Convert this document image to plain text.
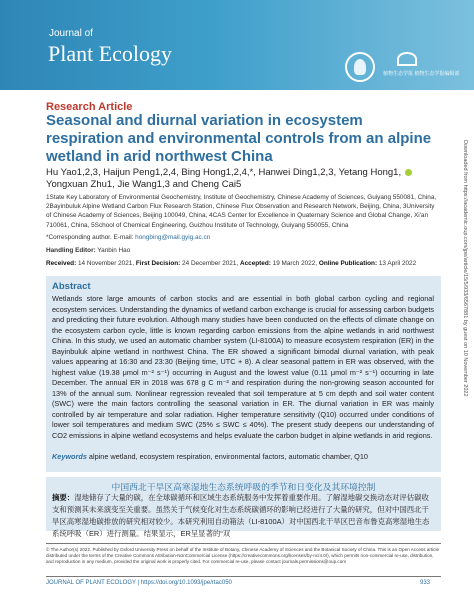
Journal of
Plant Ecology
植物生态学报 植物生态学报编辑部
Downloaded from https://academic.oup.com/jpe/article/15/5/933/6567881 by guest on 10 November 2022
Research Article
Seasonal and diurnal variation in ecosystem respiration and environmental controls from an alpine wetland in arid northwest China
Hu Yao1,2,3, Haijun Peng1,2,4, Bing Hong1,2,4,*, Hanwei Ding1,2,3, Yetang Hong1,
Yongxuan Zhu1, Jie Wang1,3 and Cheng Cai5
1State Key Laboratory of Environmental Geochemistry, Institute of Geochemistry, Chinese Academy of Sciences, Guiyang 550081, China, 2Bayinbuluk Alpine Wetland Carbon Flux Research Station, Chinese Flux Observation and Research Network, Beijing, China, 3University of Chinese Academy of Sciences, Beijing 100049, China, 4CAS Center for Excellence in Quaternary Science and Global Change, Xi'an 710061, China, 5School of Chemical Engineering, Guizhou Institute of Technology, Guiyang 550055, China
*Corresponding author. E-mail: hongbing@mail.gyig.ac.cn
Handling Editor: Yanbin Hao
Received: 14 November 2021, First Decision: 24 December 2021, Accepted: 19 March 2022, Online Publication: 13 April 2022
Abstract
Wetlands store large amounts of carbon stocks and are essential in both global carbon cycling and regional ecosystem services. Understanding the dynamics of wetland carbon exchange is crucial for assessing carbon budgets and predicting their future evolution. Although many studies have been conducted on the effects of climate change on the ecosystem carbon cycle, little is known regarding carbon emissions from the alpine wetlands in arid northwest China. In this study, we used an automatic chamber system (LI-8100A) to measure ecosystem respiration (ER) in the Bayinbuluk alpine wetland in northwest China. The ER showed a significant bimodal diurnal variation, with peak values appearing at 16:30 and 23:30 (Beijing time, UTC + 8). A clear seasonal pattern in ER was observed, with the highest value (19.38 μmol m⁻² s⁻¹) occurring in August and the lowest value (0.11 μmol m⁻² s⁻¹) occurring in late December. The annual ER in 2018 was 678 g C m⁻² and respiration during the non-growing season accounted for 13% of the annual sum. Nonlinear regression revealed that soil temperature at 5 cm depth and soil water content (SWC) were the main factors controlling the seasonal variation in ER. The diurnal variation in ER was mainly controlled by air temperature and solar radiation. Higher temperature sensitivity (Q10) occurred under conditions of lower soil temperatures and medium SWC (25% ≤ SWC ≤ 40%). The present study deepens our understanding of CO2 emissions in alpine wetland ecosystems and helps evaluate the carbon budget in alpine wetlands in arid regions.
Keywords alpine wetland, ecosystem respiration, environmental factors, automatic chamber, Q10
中国西北干旱区高寒湿地生态系统呼吸的季节和日变化及其环境控制
摘要：湿地储存了大量的碳，在全球碳循环和区域生态系统服务中发挥着重要作用。了解湿地碳交换动态对评估碳收支和预测其未来演变至关重要。虽然关于气候变化对生态系统碳循环的影响已经进行了大量的研究，但对中国西北干旱区高寒湿地碳排放的研究相对较少。本研究利用自动箱法（LI-8100A）对中国西北干旱区巴音布鲁克高寒湿地生态系统呼吸（ER）进行测量。结果显示，ER呈显著的“双
© The Author(s) 2022. Published by Oxford University Press on behalf of the Institute of Botany, Chinese Academy of Sciences and the Botanical Society of China. This is an Open Access article distributed under the terms of the Creative Commons Attribution-NonCommercial License (https://creativecommons.org/licenses/by-nc/4.0/), which permits non-commercial re-use, distribution, and reproduction in any medium, provided the original work is properly cited. For commercial re-use, please contact journals.permissions@oup.com
JOURNAL OF PLANT ECOLOGY | https://doi.org/10.1093/jpe/rtac050	933
